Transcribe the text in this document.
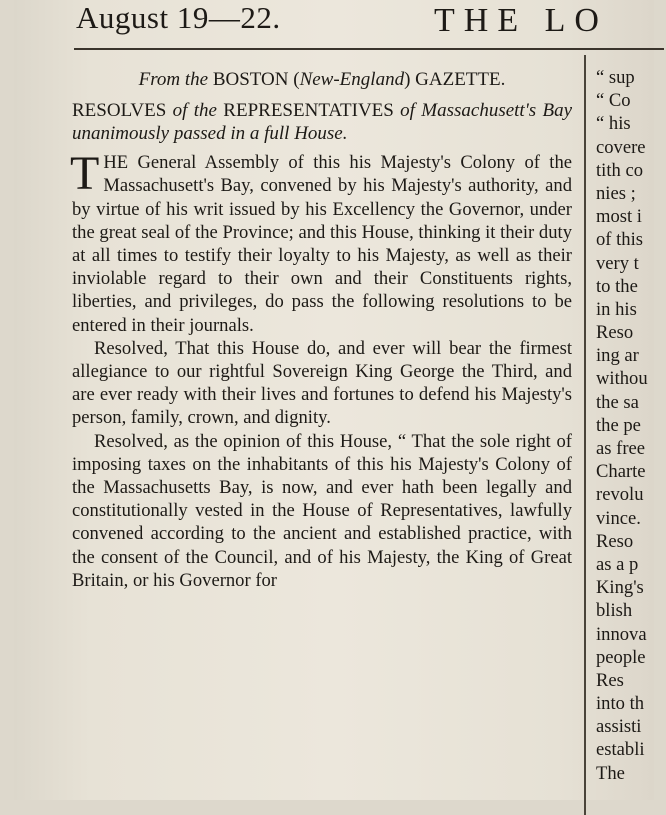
August 19—22.	THE LO
From the BOSTON (New-England) GAZETTE.
RESOLVES of the REPRESENTATIVES of Massachusett's Bay unanimously passed in a full House.

THE General Assembly of this his Majesty's Colony of the Massachusett's Bay, convened by his Majesty's authority, and by virtue of his writ issued by his Excellency the Governor, under the great seal of the Province; and this House, thinking it their duty at all times to testify their loyalty to his Majesty, as well as their inviolable regard to their own and their Constituents rights, liberties, and privileges, do pass the following resolutions to be entered in their journals.

Resolved, That this House do, and ever will bear the firmest allegiance to our rightful Sovereign King George the Third, and are ever ready with their lives and fortunes to defend his Majesty's person, family, crown, and dignity.

Resolved, as the opinion of this House, “ That the sole right of imposing taxes on the inhabitants of this his Majesty's Colony of the Massachusetts Bay, is now, and ever hath been legally and constitutionally vested in the House of Representatives, lawfully convened according to the ancient and established practice, with the consent of the Council, and of his Majesty, the King of Great Britain, or his Governor for

“ sup
“ Co
“ his
covere
tith co
nies ;
most i
of this
very t
to the
in his
Reso
ing ar
withou
the sa
the pe
as free
Charte
revolu
vince.
Reso
as a p
King's
blish
innova
people
Res
into th
assisti
establi
The
